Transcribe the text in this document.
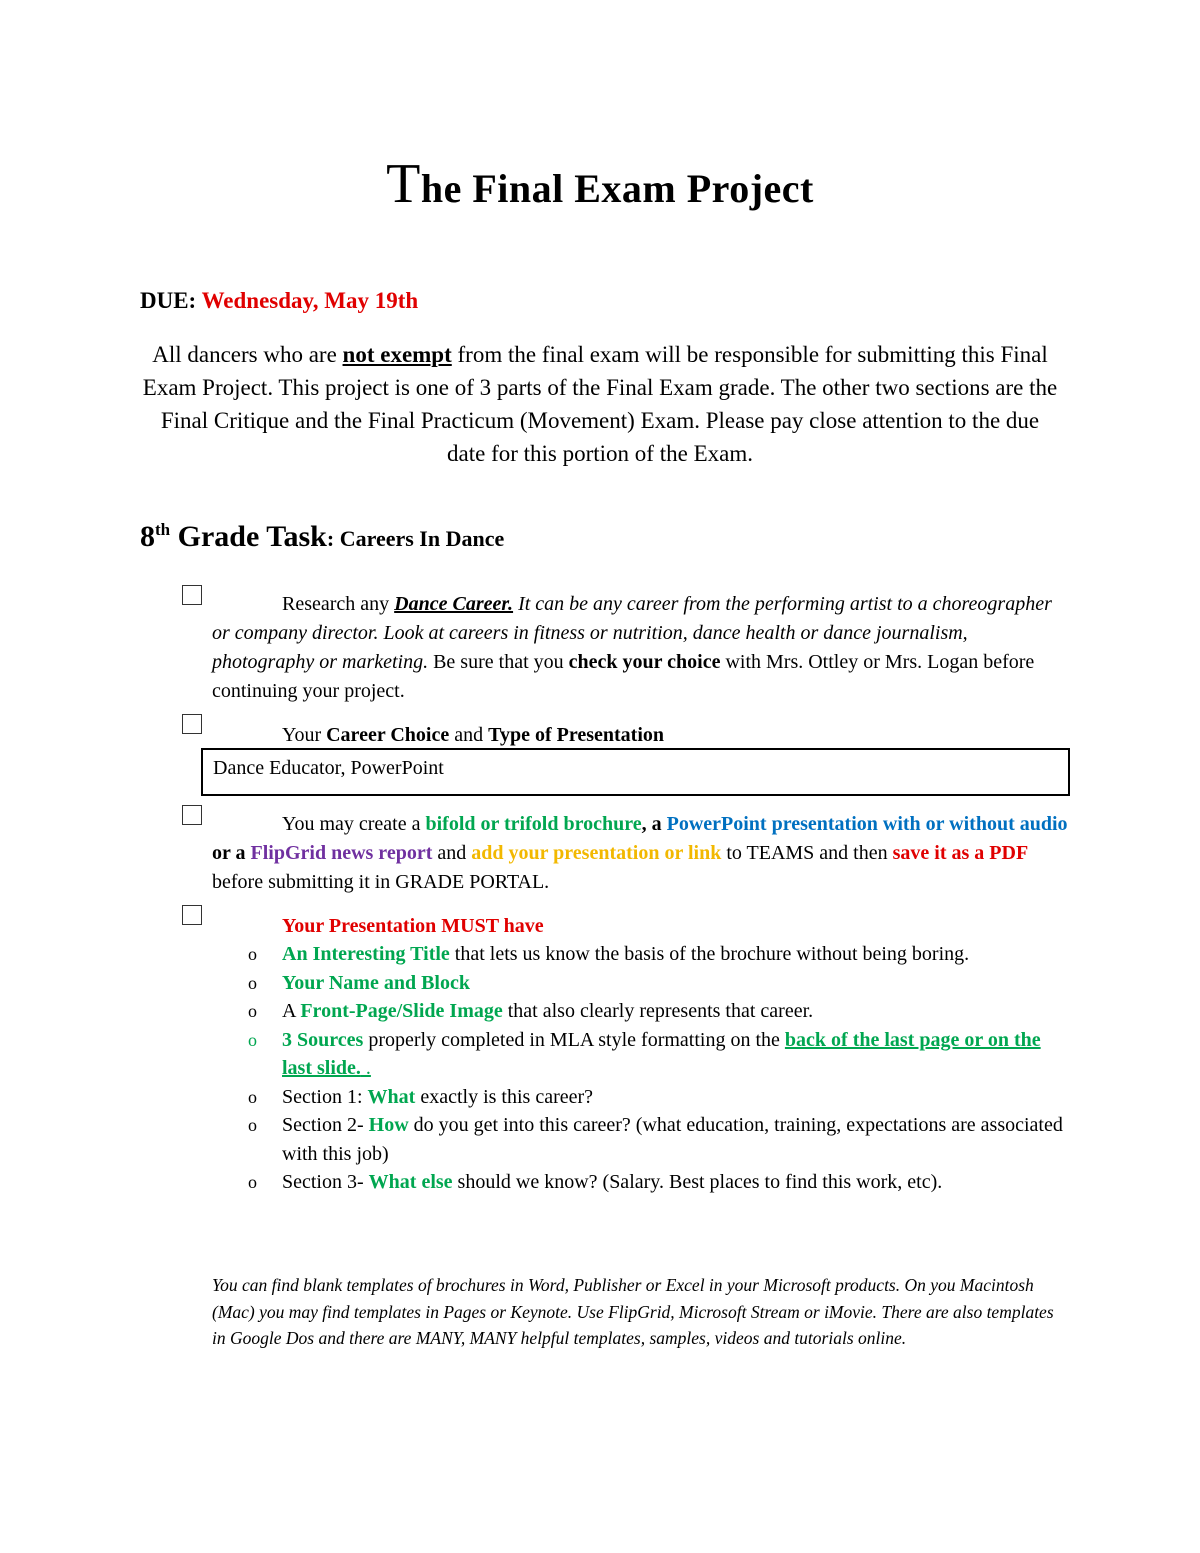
The Final Exam Project
DUE: Wednesday, May 19th
All dancers who are not exempt from the final exam will be responsible for submitting this Final Exam Project. This project is one of 3 parts of the Final Exam grade. The other two sections are the Final Critique and the Final Practicum (Movement) Exam. Please pay close attention to the due date for this portion of the Exam.
8th Grade Task: Careers In Dance
Research any Dance Career. It can be any career from the performing artist to a choreographer or company director. Look at careers in fitness or nutrition, dance health or dance journalism, photography or marketing. Be sure that you check your choice with Mrs. Ottley or Mrs. Logan before continuing your project.
Your Career Choice and Type of Presentation
Dance Educator, PowerPoint
You may create a bifold or trifold brochure, a PowerPoint presentation with or without audio or a FlipGrid news report and add your presentation or link to TEAMS and then save it as a PDF before submitting it in GRADE PORTAL.
Your Presentation MUST have
o An Interesting Title that lets us know the basis of the brochure without being boring.
o Your Name and Block
o A Front-Page/Slide Image that also clearly represents that career.
o 3 Sources properly completed in MLA style formatting on the back of the last page or on the last slide. .
o Section 1: What exactly is this career?
o Section 2- How do you get into this career? (what education, training, expectations are associated with this job)
o Section 3- What else should we know? (Salary. Best places to find this work, etc).
You can find blank templates of brochures in Word, Publisher or Excel in your Microsoft products. On you Macintosh (Mac) you may find templates in Pages or Keynote. Use FlipGrid, Microsoft Stream or iMovie. There are also templates in Google Dos and there are MANY, MANY helpful templates, samples, videos and tutorials online.
